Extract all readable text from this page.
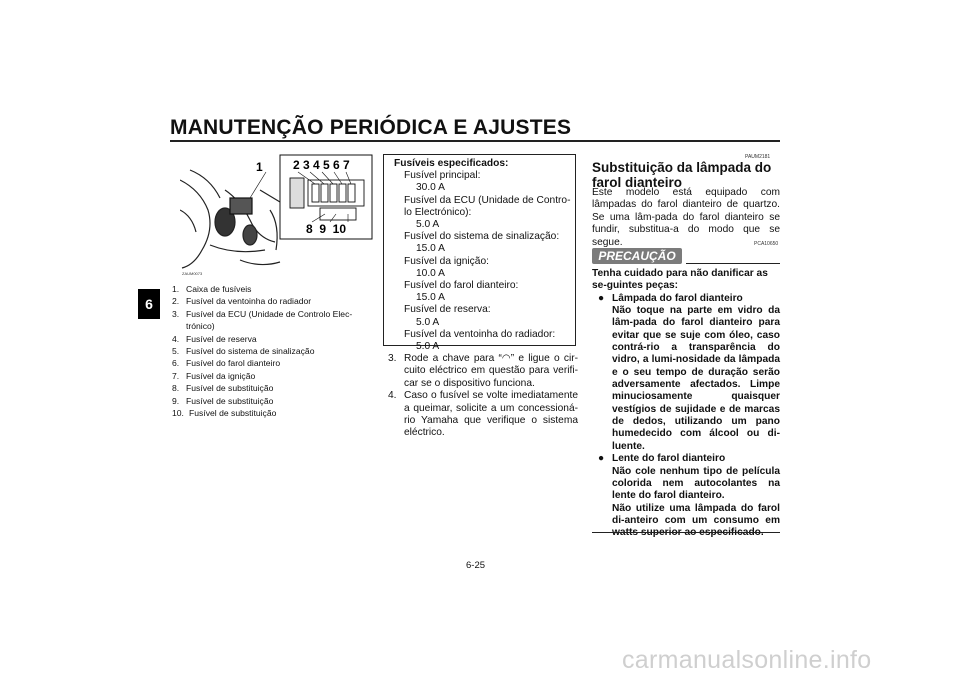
MANUTENÇÃO PERIÓDICA E AJUSTES
6
1	2 3 4 5 6 7
8  9  10
ZAUM0073
1. Caixa de fusíveis
2. Fusível da ventoinha do radiador
3. Fusível da ECU (Unidade de Controlo Elec-trónico)
4. Fusível de reserva
5. Fusível do sistema de sinalização
6. Fusível do farol dianteiro
7. Fusível da ignição
8. Fusível de substituição
9. Fusível de substituição
10. Fusível de substituição
Fusíveis especificados:
Fusível principal:
30.0 A
Fusível da ECU (Unidade de Contro-lo Electrónico):
5.0 A
Fusível do sistema de sinalização:
15.0 A
Fusível da ignição:
10.0 A
Fusível do farol dianteiro:
15.0 A
Fusível de reserva:
5.0 A
Fusível da ventoinha do radiador:
5.0 A
3. Rode a chave para “◠” e ligue o cir-cuito eléctrico em questão para verifi-car se o dispositivo funciona.
4. Caso o fusível se volte imediatamente a queimar, solicite a um concessioná-rio Yamaha que verifique o sistema eléctrico.
PAUM2181
Substituição da lâmpada do farol dianteiro
Este modelo está equipado com lâmpadas do farol dianteiro de quartzo. Se uma lâm-pada do farol dianteiro se fundir, substitua-a do modo que se segue.	PCA10650
PRECAUÇÃO
Tenha cuidado para não danificar as se-guintes peças:
● Lâmpada do farol dianteiro
Não toque na parte em vidro da lâm-pada do farol dianteiro para evitar que se suje com óleo, caso contrá-rio a transparência do vidro, a lumi-nosidade da lâmpada e o seu tempo de duração serão adversamente afectados. Limpe minuciosamente quaisquer vestígios de sujidade e de marcas de dedos, utilizando um pano humedecido com álcool ou di-luente.
● Lente do farol dianteiro
Não cole nenhum tipo de película colorida nem autocolantes na lente do farol dianteiro.
Não utilize uma lâmpada do farol di-anteiro com um consumo em
6-25
carmanualsonline.info
